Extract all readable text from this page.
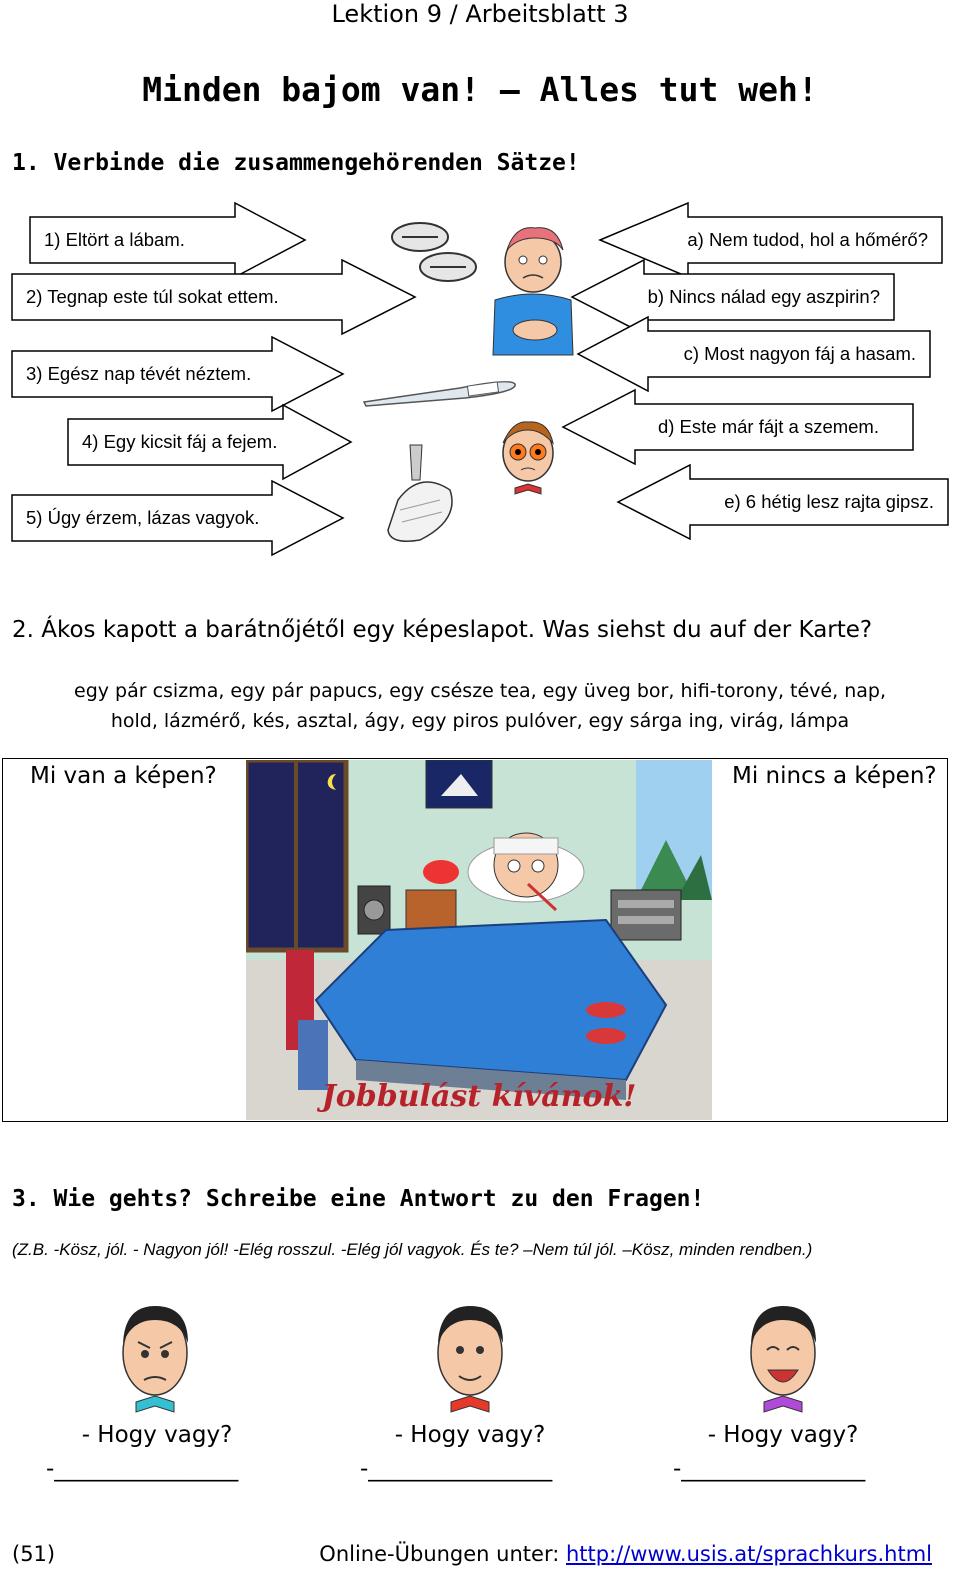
Lektion 9 / Arbeitsblatt 3
Minden bajom van! – Alles tut weh!
1. Verbinde die zusammengehörenden Sätze!
1) Eltört a lábam.
2) Tegnap este túl sokat ettem.
3) Egész nap tévét néztem.
4) Egy kicsit fáj a fejem.
5) Úgy érzem, lázas vagyok.
a) Nem tudod, hol a hőmérő?
b) Nincs nálad egy aszpirin?
c) Most nagyon fáj a hasam.
d) Este már fájt a szemem.
e) 6 hétig lesz rajta gipsz.
2. Ákos kapott a barátnőjétől egy képeslapot. Was siehst du auf der Karte?
egy pár csizma, egy pár papucs, egy csésze tea, egy üveg bor, hifi-torony, tévé, nap,
hold, lázmérő, kés, asztal, ágy, egy piros pulóver, egy sárga ing, virág, lámpa
Mi van a képen?	Mi nincs a képen?
Jobbulást kívánok!
3. Wie gehts? Schreibe eine Antwort zu den Fragen!
(Z.B. -Kösz, jól. - Nagyon jól! -Elég rosszul. -Elég jól vagyok. És te? –Nem túl jól. –Kösz, minden rendben.)
- Hogy vagy?	- Hogy vagy?	- Hogy vagy?
-________________	-________________	-________________
(51)	Online-Übungen unter: http://www.usis.at/sprachkurs.html
